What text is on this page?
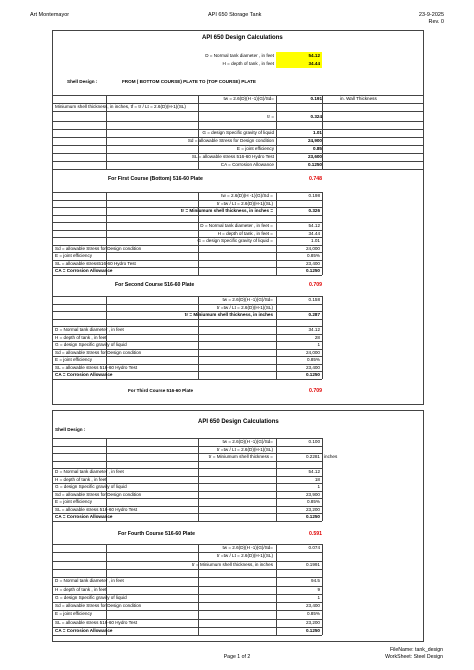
Art Montemayor	API 650 Storage Tank	23-9-2025
Rev. 0
API 650 Design Calculations
D = Normal tank diameter , in feet	54.12
H = depth of tank , in feet	34.44
Shell Design :	FROM ( BOTTOM COURSE) PLATE TO (TOP COURSE) PLATE
tw = 2.6(D)(H -1)(G)/Sd=	0.191	in. Wall Thickness
Miniumum shell thickness, in inches, tf = tr / Lt = 2.6(D)(H-1)(SL)
tr =	0.324
G = design Specific gravity of liquid	1.01
Sd = allowable Stress for Design condition	24,900
E = joint efficiency	0.85
SL = allowable stress 516-60 Hydro Test	23,600
CA = Corrosion Allowance	0.1250
For First Course (Bottom) 516-60 Plate	0.748
tw = 2.6(D)(H -1)(G)/Sd =	0.198
tr =tw / Lt = 2.6(D)(H-1)(SL)
tr = Miniumum shell thickness, in inches =	0.326
D = Normal tank diameter , in feet =	54.12
H = depth of tank , in feet =	34.44
G = design Specific gravity of liquid =	1.01
Sd = allowable Stress for Design condition	24,000
E = joint efficiency	0.85%
SL = allowable stress516-60 Hydro Test	23,400
CA = Corrosion Allowance	0.1250
For Second Course 516-60 Plate	0.709
tw = 2.6(D)(H -1)(G)/Sd=	0.158
tr =tw / Lt = 2.6(D)(H-1)(SL)
tr = Miniumum shell thickness, in inches	0.287
D = Normal tank diameter , in feet	34.12
H = depth of tank , in feet	28
G = design Specific gravity of liquid	1
Sd = allowable Stress for Design condition	24,000
E = joint efficiency	0.85%
SL = allowable stress 516-60 Hydro Test	23,400
CA = Corrosion Allowance	0.1250
For Third Course 516-60 Plate	0.709
API 650 Design Calculations
Shell Design :
tw = 2.6(D)(H -1)(G)/Sd=	0.100
tr =tw / Lt = 2.6(D)(H-1)(SL)
tr = Miniumum shell thickness =	0.2281 inches
D = Normal tank diameter , in feet	54.12
H = depth of tank , in feet	18
G = design Specific gravity of liquid	1
Sd = allowable Stress for Design condition	23,900
E = joint efficiency	0.85%
SL = allowable stress 516-60 Hydro Test	23,200
CA = Corrosion Allowance	0.1250
For Fourth Course 516-60 Plate	0.591
tw = 2.6(D)(H -1)(G)/Sd=	0.074
tr =tw / Lt = 2.6(D)(H-1)(SL)
tr = Miniumum shell thickness, in inches	0.1991
D = Normal tank diameter , in feet	94.5
H = depth of tank , in feet	9
G = design Specific gravity of liquid	1
Sd = allowable Stress for Design condition	23,400
E = joint efficiency	0.85%
SL = allowable stress 516-60 Hydro Test	23,200
CA = Corrosion Allowance	0.1250
FileName: tank_design
Page 1 of 2	WorkSheet: Steel Design
